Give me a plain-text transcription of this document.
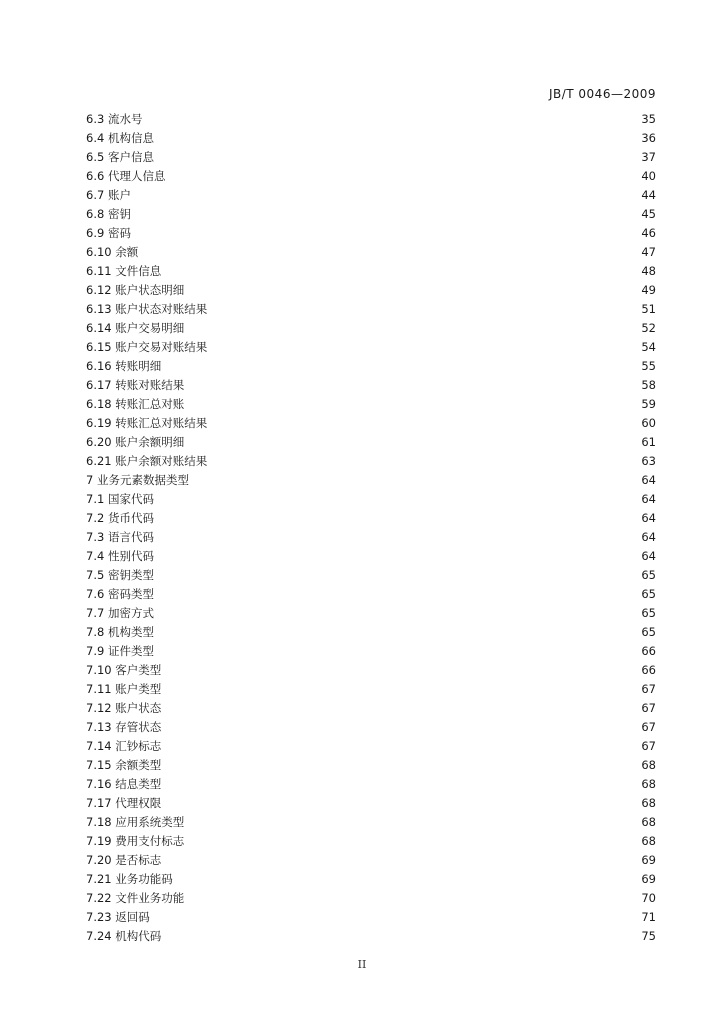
JB/T 0046—2009
6.3 流水号	35
6.4 机构信息	36
6.5 客户信息	37
6.6 代理人信息	40
6.7 账户	44
6.8 密钥	45
6.9 密码	46
6.10 余额	47
6.11 文件信息	48
6.12 账户状态明细	49
6.13 账户状态对账结果	51
6.14 账户交易明细	52
6.15 账户交易对账结果	54
6.16 转账明细	55
6.17 转账对账结果	58
6.18 转账汇总对账	59
6.19 转账汇总对账结果	60
6.20 账户余额明细	61
6.21 账户余额对账结果	63
7 业务元素数据类型	64
7.1 国家代码	64
7.2 货币代码	64
7.3 语言代码	64
7.4 性别代码	64
7.5 密钥类型	65
7.6 密码类型	65
7.7 加密方式	65
7.8 机构类型	65
7.9 证件类型	66
7.10 客户类型	66
7.11 账户类型	67
7.12 账户状态	67
7.13 存管状态	67
7.14 汇钞标志	67
7.15 余额类型	68
7.16 结息类型	68
7.17 代理权限	68
7.18 应用系统类型	68
7.19 费用支付标志	68
7.20 是否标志	69
7.21 业务功能码	69
7.22 文件业务功能	70
7.23 返回码	71
7.24 机构代码	75
II
